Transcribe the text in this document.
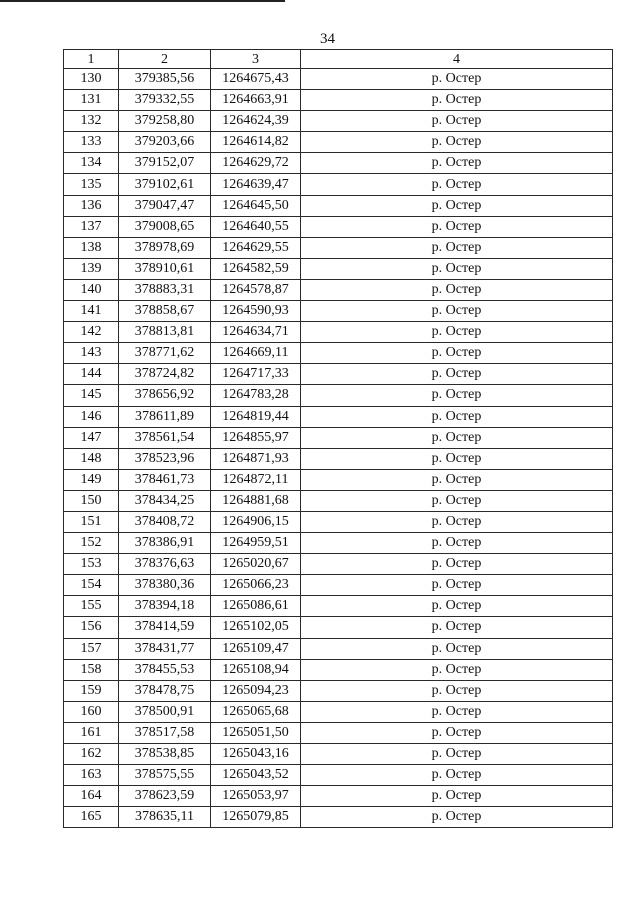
34
1	2	3	4
130	379385,56	1264675,43	р. Остер
131	379332,55	1264663,91	р. Остер
132	379258,80	1264624,39	р. Остер
133	379203,66	1264614,82	р. Остер
134	379152,07	1264629,72	р. Остер
135	379102,61	1264639,47	р. Остер
136	379047,47	1264645,50	р. Остер
137	379008,65	1264640,55	р. Остер
138	378978,69	1264629,55	р. Остер
139	378910,61	1264582,59	р. Остер
140	378883,31	1264578,87	р. Остер
141	378858,67	1264590,93	р. Остер
142	378813,81	1264634,71	р. Остер
143	378771,62	1264669,11	р. Остер
144	378724,82	1264717,33	р. Остер
145	378656,92	1264783,28	р. Остер
146	378611,89	1264819,44	р. Остер
147	378561,54	1264855,97	р. Остер
148	378523,96	1264871,93	р. Остер
149	378461,73	1264872,11	р. Остер
150	378434,25	1264881,68	р. Остер
151	378408,72	1264906,15	р. Остер
152	378386,91	1264959,51	р. Остер
153	378376,63	1265020,67	р. Остер
154	378380,36	1265066,23	р. Остер
155	378394,18	1265086,61	р. Остер
156	378414,59	1265102,05	р. Остер
157	378431,77	1265109,47	р. Остер
158	378455,53	1265108,94	р. Остер
159	378478,75	1265094,23	р. Остер
160	378500,91	1265065,68	р. Остер
161	378517,58	1265051,50	р. Остер
162	378538,85	1265043,16	р. Остер
163	378575,55	1265043,52	р. Остер
164	378623,59	1265053,97	р. Остер
165	378635,11	1265079,85	р. Остер
